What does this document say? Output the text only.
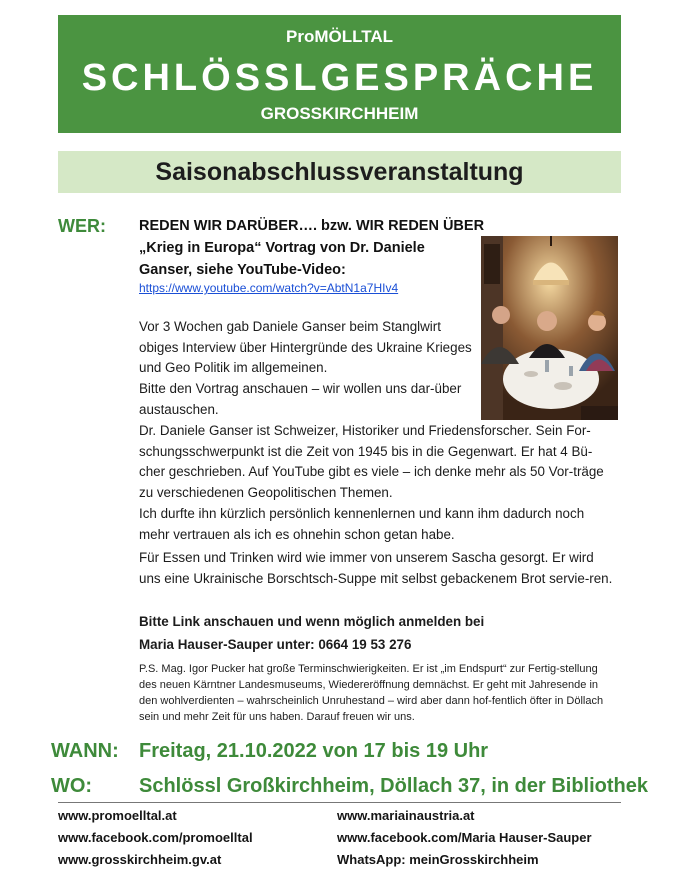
ProMÖLLTAL
SCHLÖSSLGESPRÄCHE
GROSSKIRCHHEIM
Saisonabschlussveranstaltung
WER: REDEN WIR DARÜBER…. bzw. WIR REDEN ÜBER
„Krieg in Europa“ Vortrag von Dr. Daniele
Ganser, siehe YouTube-Video:
https://www.youtube.com/watch?v=AbtN1a7HIv4

Vor 3 Wochen gab Daniele Ganser beim Stanglwirt obiges Interview über Hintergründe des Ukraine Krieges und Geo Politik im allgemeinen.

Bitte den Vortrag anschauen – wir wollen uns dar-über austauschen.

Dr. Daniele Ganser ist Schweizer, Historiker und Friedensforscher. Sein For-schungsschwerpunkt ist die Zeit von 1945 bis in die Gegenwart. Er hat 4 Bü-cher geschrieben. Auf YouTube gibt es viele – ich denke mehr als 50 Vor-träge zu verschiedenen Geopolitischen Themen.

Ich durfte ihn kürzlich persönlich kennenlernen und kann ihm dadurch noch mehr vertrauen als ich es ohnehin schon getan habe.

Für Essen und Trinken wird wie immer von unserem Sascha gesorgt. Er wird uns eine Ukrainische Borschtsch-Suppe mit selbst gebackenem Brot servie-ren.

Bitte Link anschauen und wenn möglich anmelden bei
Maria Hauser-Sauper unter: 0664 19 53 276
P.S. Mag. Igor Pucker hat große Terminschwierigkeiten. Er ist „im Endspurt“ zur Fertig-stellung des neuen Kärntner Landesmuseums, Wiedereröffnung demnächst. Er geht mit Jahresende in den wohlverdienten – wahrscheinlich Unruhestand – wird aber dann hof-fentlich öfter in Döllach sein und mehr Zeit für uns haben. Darauf freuen wir uns.
WANN: Freitag, 21.10.2022 von 17 bis 19 Uhr
WO: Schlössl Großkirchheim, Döllach 37, in der Bibliothek
www.promoelltal.at
www.facebook.com/promoelltal
www.grosskirchheim.gv.at
www.mariainaustria.at
www.facebook.com/Maria Hauser-Sauper
WhatsApp: meinGrosskirchheim
